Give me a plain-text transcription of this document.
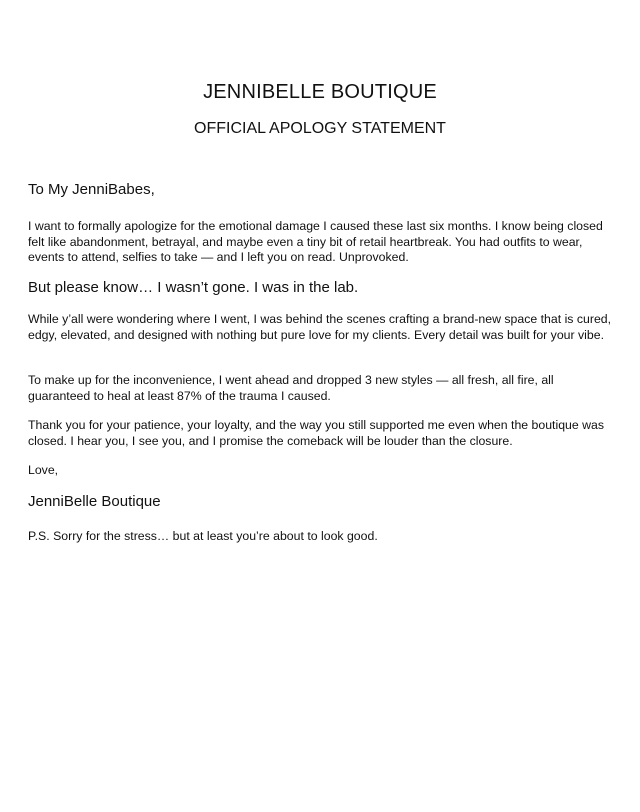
JENNIBELLE BOUTIQUE
OFFICIAL APOLOGY STATEMENT
To My JenniBabes,
I want to formally apologize for the emotional damage I caused these last six months. I know being closed felt like abandonment, betrayal, and maybe even a tiny bit of retail heartbreak. You had outfits to wear, events to attend, selfies to take — and I left you on read. Unprovoked.
But please know… I wasn’t gone. I was in the lab.
While y’all were wondering where I went, I was behind the scenes crafting a brand-new space that is cured, edgy, elevated, and designed with nothing but pure love for my clients. Every detail was built for your vibe.
To make up for the inconvenience, I went ahead and dropped 3 new styles — all fresh, all fire, all guaranteed to heal at least 87% of the trauma I caused.
Thank you for your patience, your loyalty, and the way you still supported me even when the boutique was closed. I hear you, I see you, and I promise the comeback will be louder than the closure.
Love,
JenniBelle Boutique
P.S. Sorry for the stress… but at least you’re about to look good.
